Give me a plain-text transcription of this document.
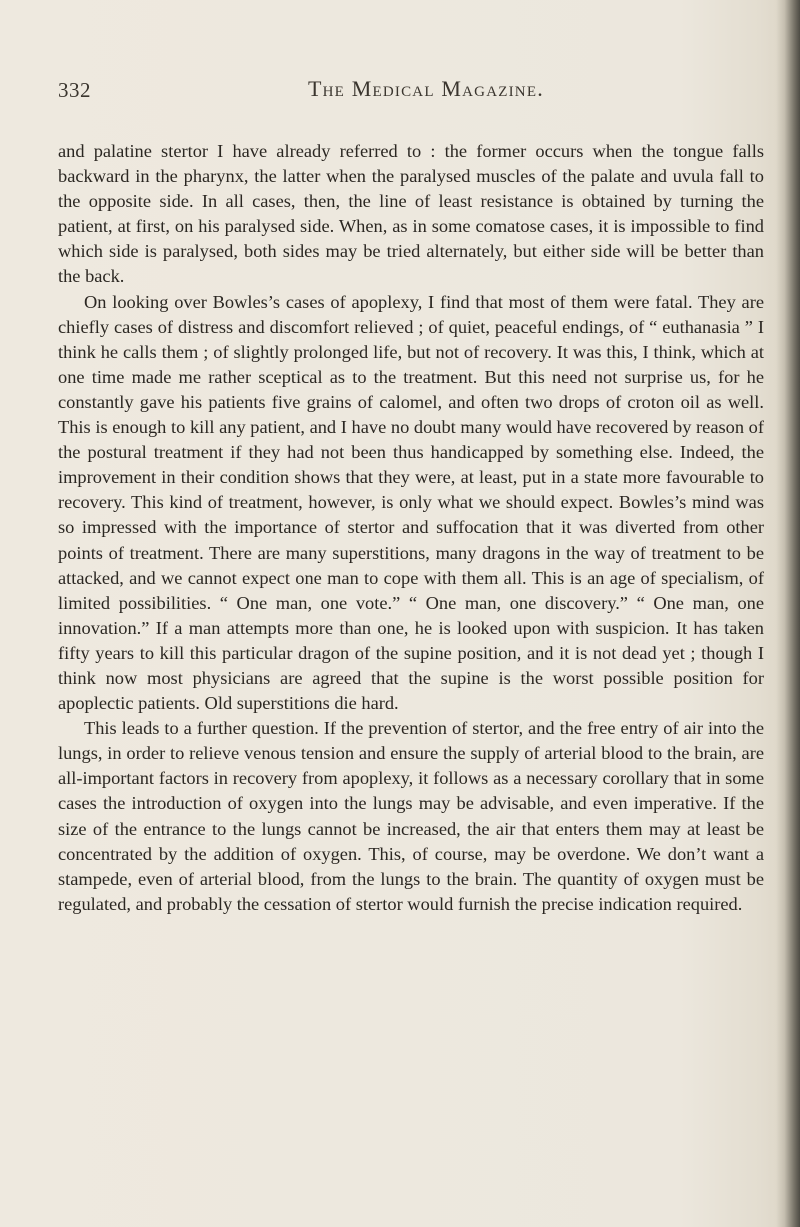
332	The Medical Magazine.

and palatine stertor I have already referred to : the former occurs when the tongue falls backward in the pharynx, the latter when the paralysed muscles of the palate and uvula fall to the opposite side. In all cases, then, the line of least resistance is obtained by turning the patient, at first, on his paralysed side. When, as in some comatose cases, it is impossible to find which side is paralysed, both sides may be tried alternately, but either side will be better than the back.

On looking over Bowles’s cases of apoplexy, I find that most of them were fatal. They are chiefly cases of distress and discomfort relieved ; of quiet, peaceful endings, of “ euthanasia ” I think he calls them ; of slightly prolonged life, but not of recovery. It was this, I think, which at one time made me rather sceptical as to the treatment. But this need not surprise us, for he constantly gave his patients five grains of calomel, and often two drops of croton oil as well. This is enough to kill any patient, and I have no doubt many would have recovered by reason of the postural treatment if they had not been thus handicapped by something else. Indeed, the improvement in their condition shows that they were, at least, put in a state more favourable to recovery. This kind of treatment, however, is only what we should expect. Bowles’s mind was so impressed with the importance of stertor and suffocation that it was diverted from other points of treatment. There are many superstitions, many dragons in the way of treatment to be attacked, and we cannot expect one man to cope with them all. This is an age of specialism, of limited possibilities. “ One man, one vote.” “ One man, one discovery.” “ One man, one innovation.” If a man attempts more than one, he is looked upon with suspicion. It has taken fifty years to kill this particular dragon of the supine position, and it is not dead yet ; though I think now most physicians are agreed that the supine is the worst possible position for apoplectic patients. Old superstitions die hard.

This leads to a further question. If the prevention of stertor, and the free entry of air into the lungs, in order to relieve venous tension and ensure the supply of arterial blood to the brain, are all-important factors in recovery from apoplexy, it follows as a necessary corollary that in some cases the introduction of oxygen into the lungs may be advisable, and even imperative. If the size of the entrance to the lungs cannot be increased, the air that enters them may at least be concentrated by the addition of oxygen. This, of course, may be overdone. We don’t want a stampede, even of arterial blood, from the lungs to the brain. The quantity of oxygen must be regulated, and probably the cessation of stertor would furnish the precise indication required.
